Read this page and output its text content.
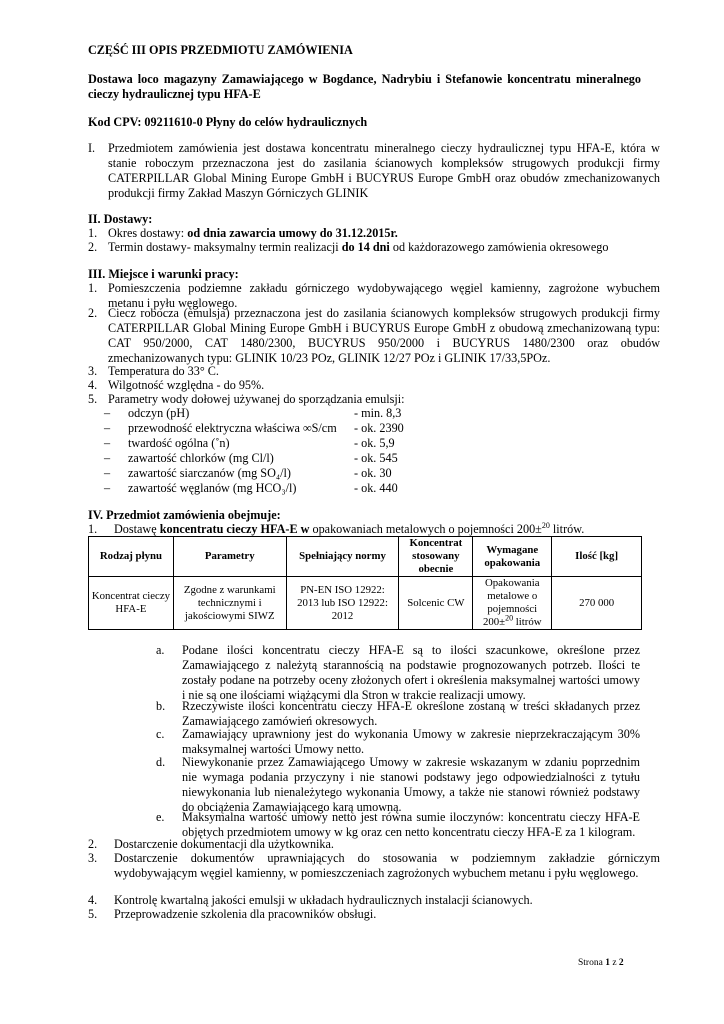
CZĘŚĆ III OPIS PRZEDMIOTU ZAMÓWIENIA

Dostawa loco magazyny Zamawiającego w Bogdance, Nadrybiu i Stefanowie koncentratu mineralnego cieczy hydraulicznej typu HFA-E

Kod CPV: 09211610-0 Płyny do celów hydraulicznych

I. Przedmiotem zamówienia jest dostawa koncentratu mineralnego cieczy hydraulicznej typu HFA-E, która w stanie roboczym przeznaczona jest do zasilania ścianowych kompleksów strugowych produkcji firmy CATERPILLAR Global Mining Europe GmbH i BUCYRUS Europe GmbH oraz obudów zmechanizowanych produkcji firmy Zakład Maszyn Górniczych GLINIK

II. Dostawy:

1. Okres dostawy: od dnia zawarcia umowy do 31.12.2015r.

2. Termin dostawy- maksymalny termin realizacji do 14 dni od każdorazowego zamówienia okresowego

III. Miejsce i warunki pracy:

1. Pomieszczenia podziemne zakładu górniczego wydobywającego węgiel kamienny, zagrożone wybuchem metanu i pyłu węglowego.

2. Ciecz robocza (emulsja) przeznaczona jest do zasilania ścianowych kompleksów strugowych produkcji firmy CATERPILLAR Global Mining Europe GmbH i BUCYRUS Europe GmbH z obudową zmechanizowaną typu: CAT 950/2000, CAT 1480/2300, BUCYRUS 950/2000 i BUCYRUS 1480/2300 oraz obudów zmechanizowanych typu: GLINIK 10/23 POz, GLINIK 12/27 POz i GLINIK 17/33,5POz.

3. Temperatura do 33° C.

4. Wilgotność względna - do 95%.

5. Parametry wody dołowej używanej do sporządzania emulsji:

– odczyn (pH)	- min. 8,3
– przewodność elektryczna właściwa ∞S/cm - ok. 2390
– twardość ogólna (˚n)	- ok. 5,9
– zawartość chlorków (mg Cl/l)	- ok. 545
– zawartość siarczanów (mg SO₄/l)	- ok. 30
– zawartość węglanów (mg HCO₃/l)	- ok. 440

IV. Przedmiot zamówienia obejmuje:

1. Dostawę koncentratu cieczy HFA-E w opakowaniach metalowych o pojemności 200±$^{20}$ litrów.

Rodzaj płynu	Parametry	Spełniający normy	Koncentrat stosowany obecnie	Wymagane opakowania	Ilość [kg]
Koncentrat cieczy HFA-E	Zgodne z warunkami technicznymi i jakościowymi SIWZ	PN-EN ISO 12922: 2013 lub ISO 12922: 2012	Solcenic CW	Opakowania metalowe o pojemności 200±$^{20}$ litrów	270 000
a. Podane ilości koncentratu cieczy HFA-E są to ilości szacunkowe, określone przez Zamawiającego z należytą starannością na podstawie prognozowanych potrzeb. Ilości te zostały podane na potrzeby oceny złożonych ofert i określenia maksymalnej wartości umowy i nie są one ilościami wiążącymi dla Stron w trakcie realizacji umowy.

b. Rzeczywiste ilości koncentratu cieczy HFA-E określone zostaną w treści składanych przez Zamawiającego zamówień okresowych.

c. Zamawiający uprawniony jest do wykonania Umowy w zakresie nieprzekraczającym 30% maksymalnej wartości Umowy netto.

d. Niewykonanie przez Zamawiającego Umowy w zakresie wskazanym w zdaniu poprzednim nie wymaga podania przyczyny i nie stanowi podstawy jego odpowiedzialności z tytułu niewykonania lub nienależytego wykonania Umowy, a także nie stanowi również podstawy do obciążenia Zamawiającego karą umowną.

e. Maksymalna wartość umowy netto jest równa sumie iloczynów: koncentratu cieczy HFA-E objętych przedmiotem umowy w kg oraz cen netto koncentratu cieczy HFA-E za 1 kilogram.

2. Dostarczenie dokumentacji dla użytkownika.

3. Dostarczenie dokumentów uprawniających do stosowania w podziemnym zakładzie górniczym wydobywającym węgiel kamienny, w pomieszczeniach zagrożonych wybuchem metanu i pyłu węglowego.

4. Kontrolę kwartalną jakości emulsji w układach hydraulicznych instalacji ścianowych.

5. Przeprowadzenie szkolenia dla pracowników obsługi.

Strona 1 z 2
